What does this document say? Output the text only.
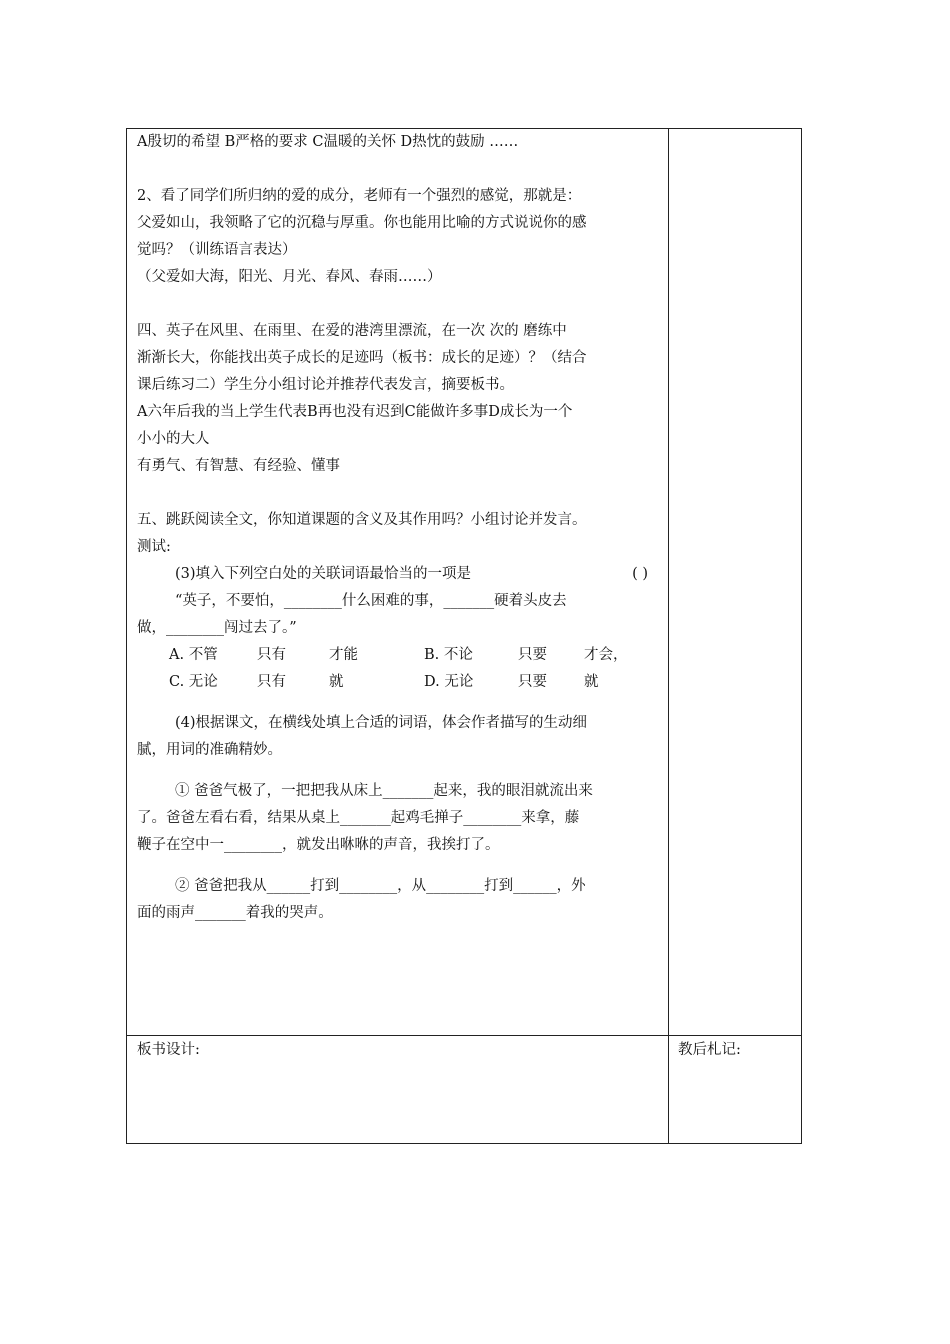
A殷切的希望 B严格的要求 C温暖的关怀 D热忱的鼓励 ……

2、看了同学们所归纳的爱的成分，老师有一个强烈的感觉，那就是：

父爱如山，我领略了它的沉稳与厚重。你也能用比喻的方式说说你的感

觉吗？（训练语言表达）

（父爱如大海，阳光、月光、春风、春雨……）

四、英子在风里、在雨里、在爱的港湾里漂流，在一次 次的 磨练中

渐渐长大，你能找出英子成长的足迹吗（板书：成长的足迹）？（结合

课后练习二）学生分小组讨论并推荐代表发言，摘要板书。

A六年后我的当上学生代表B再也没有迟到C能做许多事D成长为一个

小小的大人

有勇气、有智慧、有经验、懂事

五、跳跃阅读全文，你知道课题的含义及其作用吗？小组讨论并发言。

测试:

(3)填入下列空白处的关联词语最恰当的一项是	( )

“英子，不要怕，________什么困难的事，_______硬着头皮去

做，________闯过去了。”

A. 不管	只有	才能	B. 不论	只要	才会，
C. 无论	只有	就	D. 无论	只要	就

(4)根据课文，在横线处填上合适的词语，体会作者描写的生动细

腻，用词的准确精妙。

① 爸爸气极了，一把把我从床上_______起来，我的眼泪就流出来

了。爸爸左看右看，结果从桌上_______起鸡毛掸子________来拿，藤

鞭子在空中一________，就发出咻咻的声音，我挨打了。

② 爸爸把我从______打到________，从________打到______，外

面的雨声_______着我的哭声。

板书设计:	教后札记:
